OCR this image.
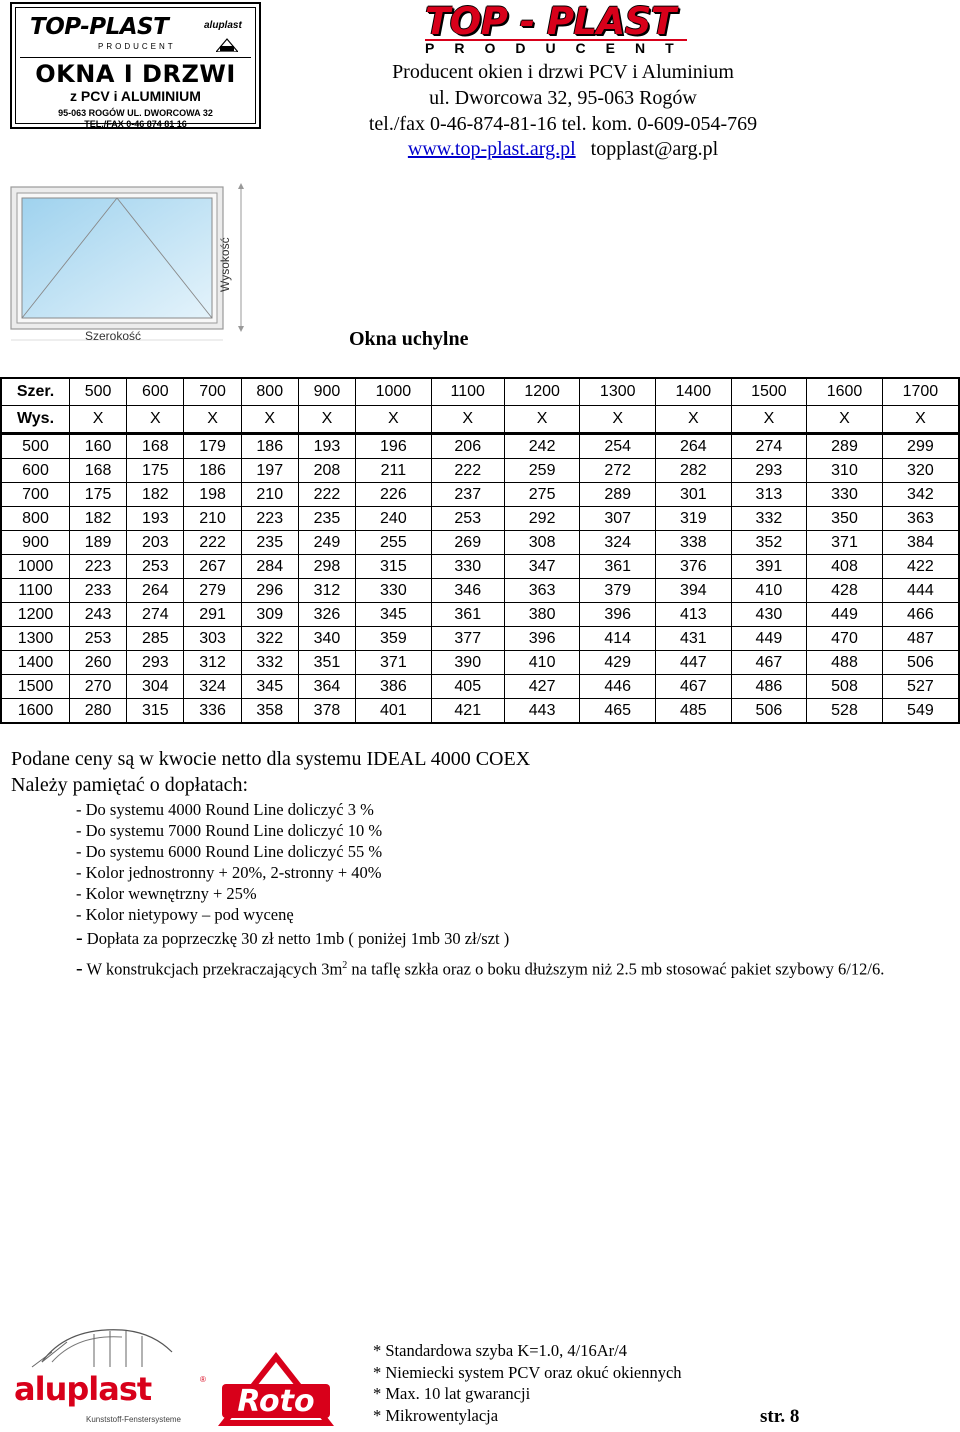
TOP-PLAST
PRODUCENT
aluplast
OKNA I DRZWI
z PCV i ALUMINIUM
95-063 ROGÓW UL. DWORCOWA 32
TEL./FAX 0-46 874 81 16
TOP - PLAST
PRODUCENT
Producent okien i drzwi PCV i Aluminium
ul. Dworcowa 32, 95-063 Rogów
tel./fax 0-46-874-81-16 tel. kom. 0-609-054-769
www.top-plast.arg.pl topplast@arg.pl
Wysokość
Szerokość	Okna uchylne
Szer.	500	600	700	800	900	1000	1100	1200	1300	1400	1500	1600	1700
Wys.	X	X	X	X	X	X	X	X	X	X	X	X	X
500	160	168	179	186	193	196	206	242	254	264	274	289	299
600	168	175	186	197	208	211	222	259	272	282	293	310	320
700	175	182	198	210	222	226	237	275	289	301	313	330	342
800	182	193	210	223	235	240	253	292	307	319	332	350	363
900	189	203	222	235	249	255	269	308	324	338	352	371	384
1000	223	253	267	284	298	315	330	347	361	376	391	408	422
1100	233	264	279	296	312	330	346	363	379	394	410	428	444
1200	243	274	291	309	326	345	361	380	396	413	430	449	466
1300	253	285	303	322	340	359	377	396	414	431	449	470	487
1400	260	293	312	332	351	371	390	410	429	447	467	488	506
1500	270	304	324	345	364	386	405	427	446	467	486	508	527
1600	280	315	336	358	378	401	421	443	465	485	506	528	549
Podane ceny są w kwocie netto dla systemu IDEAL 4000 COEX
Należy pamiętać o dopłatach:
- Do systemu 4000 Round Line doliczyć 3 %
- Do systemu 7000 Round Line doliczyć 10 %
- Do systemu 6000 Round Line doliczyć 55 %
- Kolor jednostronny + 20%, 2-stronny + 40%
- Kolor wewnętrzny + 25%
- Kolor nietypowy – pod wycenę
- Dopłata za poprzeczkę 30 zł netto 1mb ( poniżej 1mb 30 zł/szt )
- W konstrukcjach przekraczających $3m^2$ na taflę szkła oraz o boku dłuższym niż 2.5 mb stosować pakiet szybowy 6/12/6.
aluplast	®
Kunststoff-Fenstersysteme
Roto
* Standardowa szyba K=1.0, 4/16Ar/4
* Niemiecki system PCV oraz okuć okiennych
* Max. 10 lat gwarancji
* Mikrowentylacja	str. 8
